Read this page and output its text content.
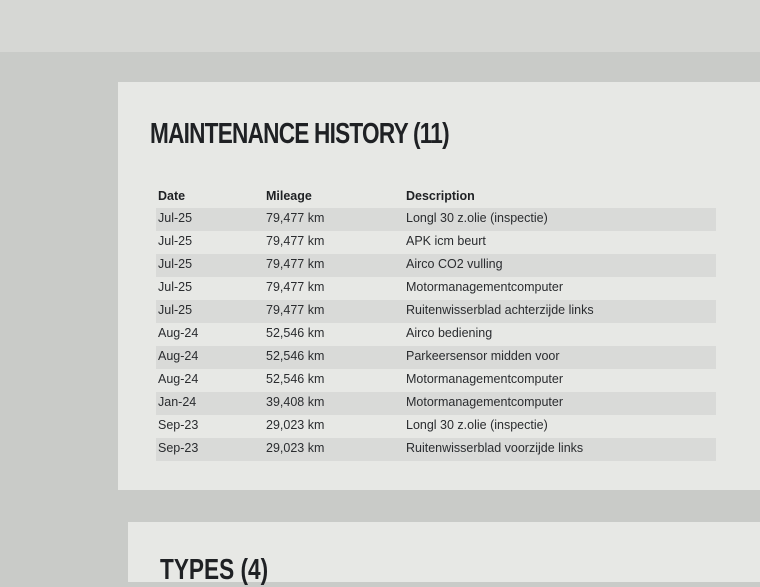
MAINTENANCE HISTORY (11)
Date	Mileage	Description
Jul-25	79,477 km	Longl 30 z.olie (inspectie)
Jul-25	79,477 km	APK icm beurt
Jul-25	79,477 km	Airco CO2 vulling
Jul-25	79,477 km	Motormanagementcomputer
Jul-25	79,477 km	Ruitenwisserblad achterzijde links
Aug-24	52,546 km	Airco bediening
Aug-24	52,546 km	Parkeersensor midden voor
Aug-24	52,546 km	Motormanagementcomputer
Jan-24	39,408 km	Motormanagementcomputer
Sep-23	29,023 km	Longl 30 z.olie (inspectie)
Sep-23	29,023 km	Ruitenwisserblad voorzijde links
TYPES (4)
